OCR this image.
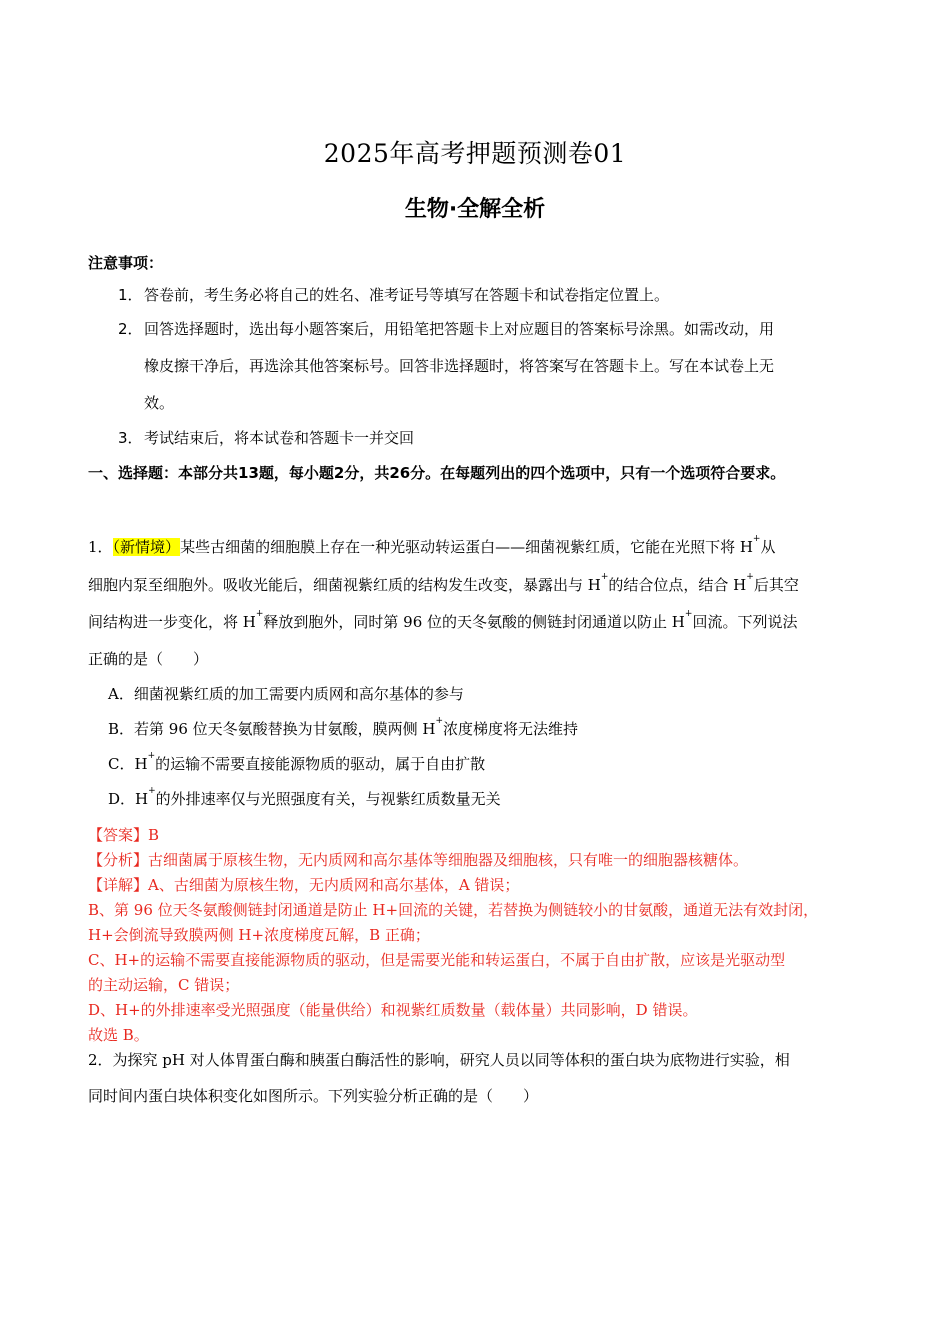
2025年高考押题预测卷01
生物·全解全析
注意事项：
1．答卷前，考生务必将自己的姓名、准考证号等填写在答题卡和试卷指定位置上。
2．回答选择题时，选出每小题答案后，用铅笔把答题卡上对应题目的答案标号涂黑。如需改动，用
橡皮擦干净后，再选涂其他答案标号。回答非选择题时，将答案写在答题卡上。写在本试卷上无
效。
3．考试结束后，将本试卷和答题卡一并交回
一、选择题：本部分共13题，每小题2分，共26分。在每题列出的四个选项中，只有一个选项符合要求。
1．（新情境）某些古细菌的细胞膜上存在一种光驱动转运蛋白——细菌视紫红质，它能在光照下将 H+从
细胞内泵至细胞外。吸收光能后，细菌视紫红质的结构发生改变，暴露出与 H+的结合位点，结合 H+后其空
间结构进一步变化，将 H+释放到胞外，同时第 96 位的天冬氨酸的侧链封闭通道以防止 H+回流。下列说法
正确的是（　　）
A．细菌视紫红质的加工需要内质网和高尔基体的参与
B．若第 96 位天冬氨酸替换为甘氨酸，膜两侧 H+浓度梯度将无法维持
C．H+的运输不需要直接能源物质的驱动，属于自由扩散
D．H+的外排速率仅与光照强度有关，与视紫红质数量无关
【答案】B
【分析】古细菌属于原核生物，无内质网和高尔基体等细胞器及细胞核，只有唯一的细胞器核糖体。
【详解】A、古细菌为原核生物，无内质网和高尔基体，A 错误；
B、第 96 位天冬氨酸侧链封闭通道是防止 H+回流的关键，若替换为侧链较小的甘氨酸，通道无法有效封闭，
H+会倒流导致膜两侧 H+浓度梯度瓦解，B 正确；
C、H+的运输不需要直接能源物质的驱动，但是需要光能和转运蛋白，不属于自由扩散，应该是光驱动型
的主动运输，C 错误；
D、H+的外排速率受光照强度（能量供给）和视紫红质数量（载体量）共同影响，D 错误。
故选 B。
2．为探究 pH 对人体胃蛋白酶和胰蛋白酶活性的影响，研究人员以同等体积的蛋白块为底物进行实验，相
同时间内蛋白块体积变化如图所示。下列实验分析正确的是（　　）
